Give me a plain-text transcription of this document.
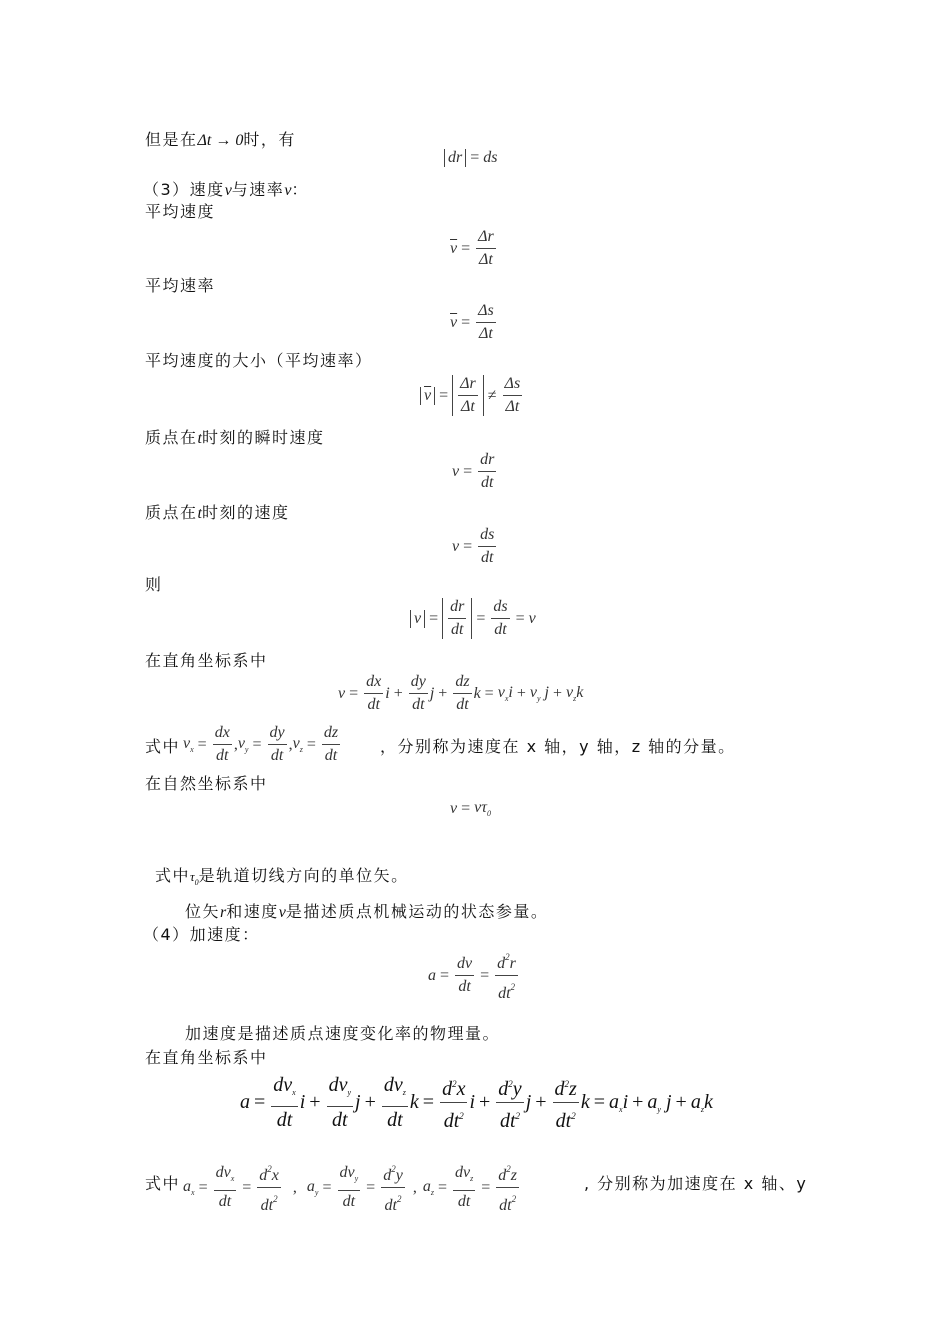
但是在Δt → 0时，有
dr = ds
（3）速度v与速率v：
平均速度
$\overline{v} = \frac{\Delta r}{\Delta t}$
平均速率
$\overline{v} = \frac{\Delta s}{\Delta t}$
平均速度的大小（平均速率）
$\overline{v} = \frac{\Delta r}{\Delta t} \ne \frac{\Delta s}{\Delta t}$
质点在t时刻的瞬时速度
$v = \frac{dr}{dt}$
质点在t时刻的速度
$v = \frac{ds}{dt}$
则
$v = \frac{dr}{dt} = \frac{ds}{dt} = v$
在直角坐标系中
$v = \frac{dx}{dt}$ $i + \frac{dy}{dt}$ $j + \frac{dz}{dt}$ $k = v_xi + v_y$ $j + v_zk$
式中 $v_x = \frac{dx}{dt}$ , $v_y = \frac{dy}{dt}$ , $v_z = \frac{dz}{dt}$ ，分别称为速度在 x 轴，y 轴，z 轴的分量。
在自然坐标系中
$v = v\tau_0$
式中$\tau_0$是轨道切线方向的单位矢。
位矢r和速度v是描述质点机械运动的状态参量。
（4）加速度：
$a = \frac{dv}{dt} = \frac{d^2r}{dt^2}$
加速度是描述质点速度变化率的物理量。
在直角坐标系中
$a = \frac{dv_x}{dt}$ $i + \frac{dv_y}{dt}$ $j + \frac{dv_z}{dt}$ $k = \frac{d^2x}{dt^2}$ $i + \frac{d^2y}{dt^2}$ $j + \frac{d^2z}{dt^2}$ $k = a_xi + a_y$ $j + a_zk$
式中 $a_x = \frac{dv_x}{dt} = \frac{d^2x}{dt^2}$ , $a_y = \frac{dv_y}{dt} = \frac{d^2y}{dt^2}$ , $a_z = \frac{dv_z}{dt} = \frac{d^2z}{dt^2}$	, 分别称为加速度在 x 轴、y
